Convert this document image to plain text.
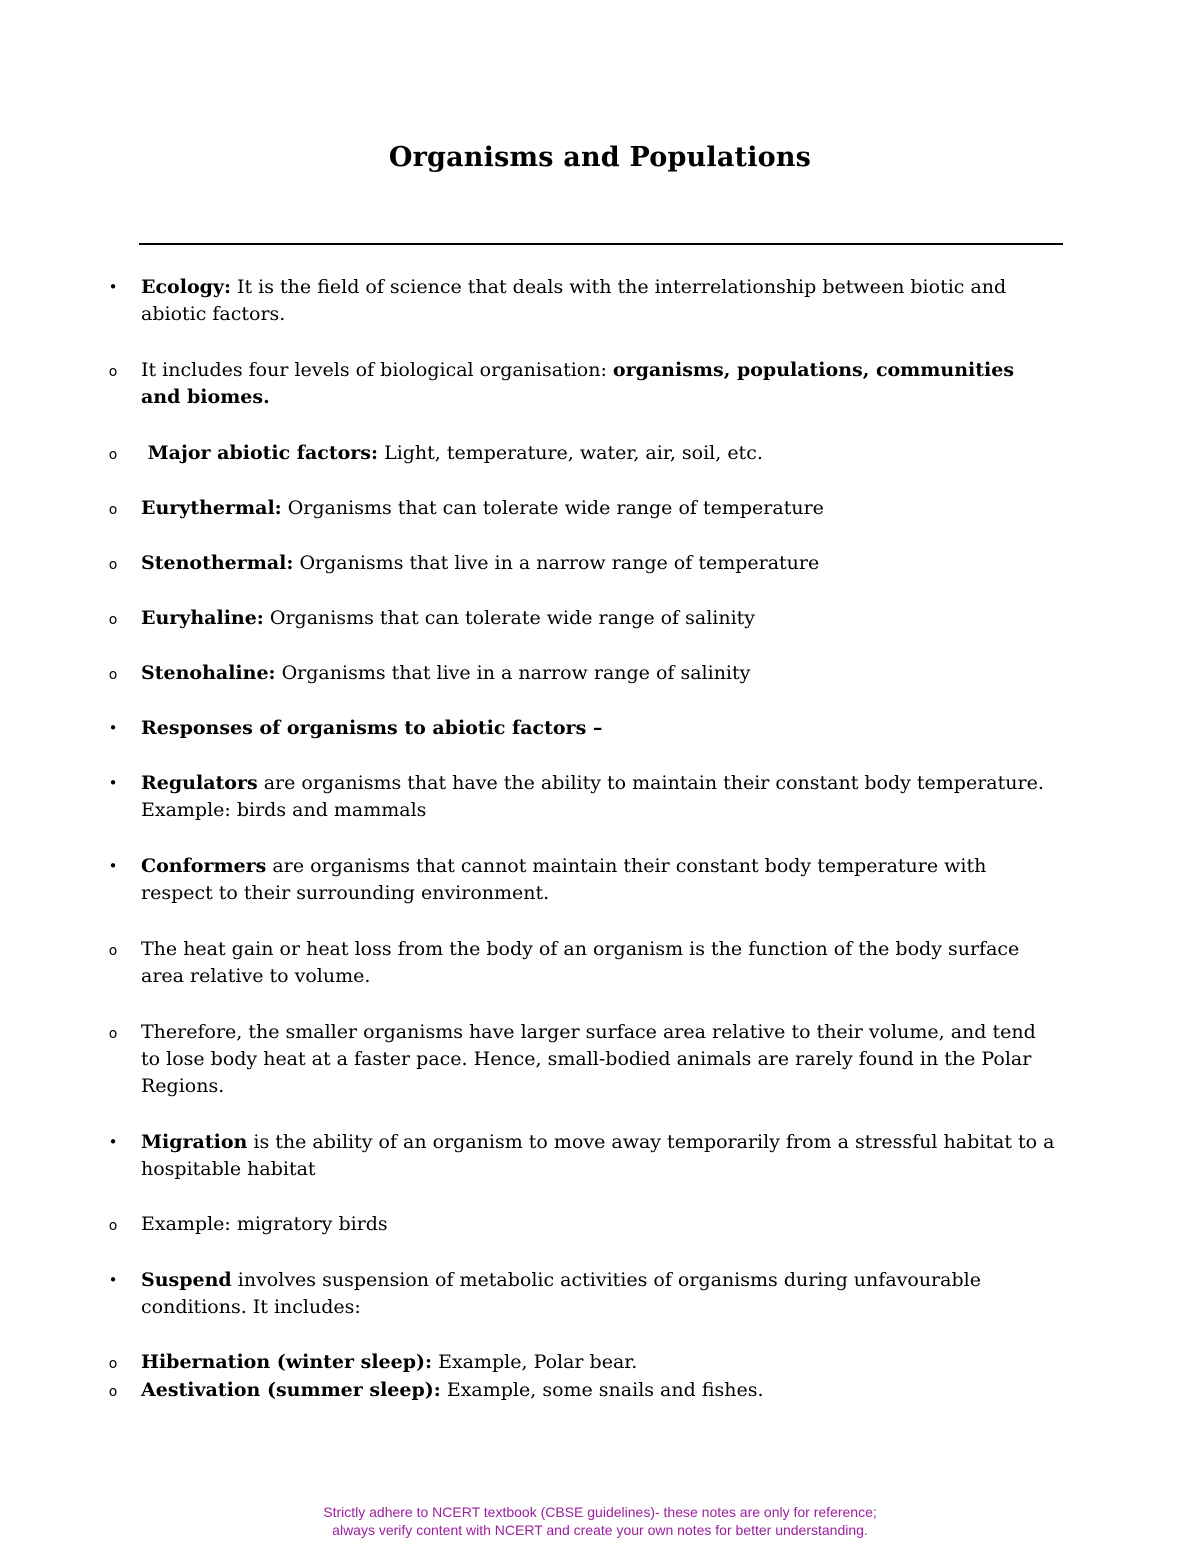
Organisms and Populations
• Ecology: It is the field of science that deals with the interrelationship between biotic and abiotic factors.
o It includes four levels of biological organisation: organisms, populations, communities and biomes.
o Major abiotic factors: Light, temperature, water, air, soil, etc.
o Eurythermal: Organisms that can tolerate wide range of temperature
o Stenothermal: Organisms that live in a narrow range of temperature
o Euryhaline: Organisms that can tolerate wide range of salinity
o Stenohaline: Organisms that live in a narrow range of salinity
• Responses of organisms to abiotic factors –
• Regulators are organisms that have the ability to maintain their constant body temperature. Example: birds and mammals
• Conformers are organisms that cannot maintain their constant body temperature with respect to their surrounding environment.
o The heat gain or heat loss from the body of an organism is the function of the body surface area relative to volume.
o Therefore, the smaller organisms have larger surface area relative to their volume, and tend to lose body heat at a faster pace. Hence, small-bodied animals are rarely found in the Polar Regions.
• Migration is the ability of an organism to move away temporarily from a stressful habitat to a hospitable habitat
o Example: migratory birds
• Suspend involves suspension of metabolic activities of organisms during unfavourable conditions. It includes:
o Hibernation (winter sleep): Example, Polar bear.
o Aestivation (summer sleep): Example, some snails and fishes.
Strictly adhere to NCERT textbook (CBSE guidelines)- these notes are only for reference;
always verify content with NCERT and create your own notes for better understanding.
